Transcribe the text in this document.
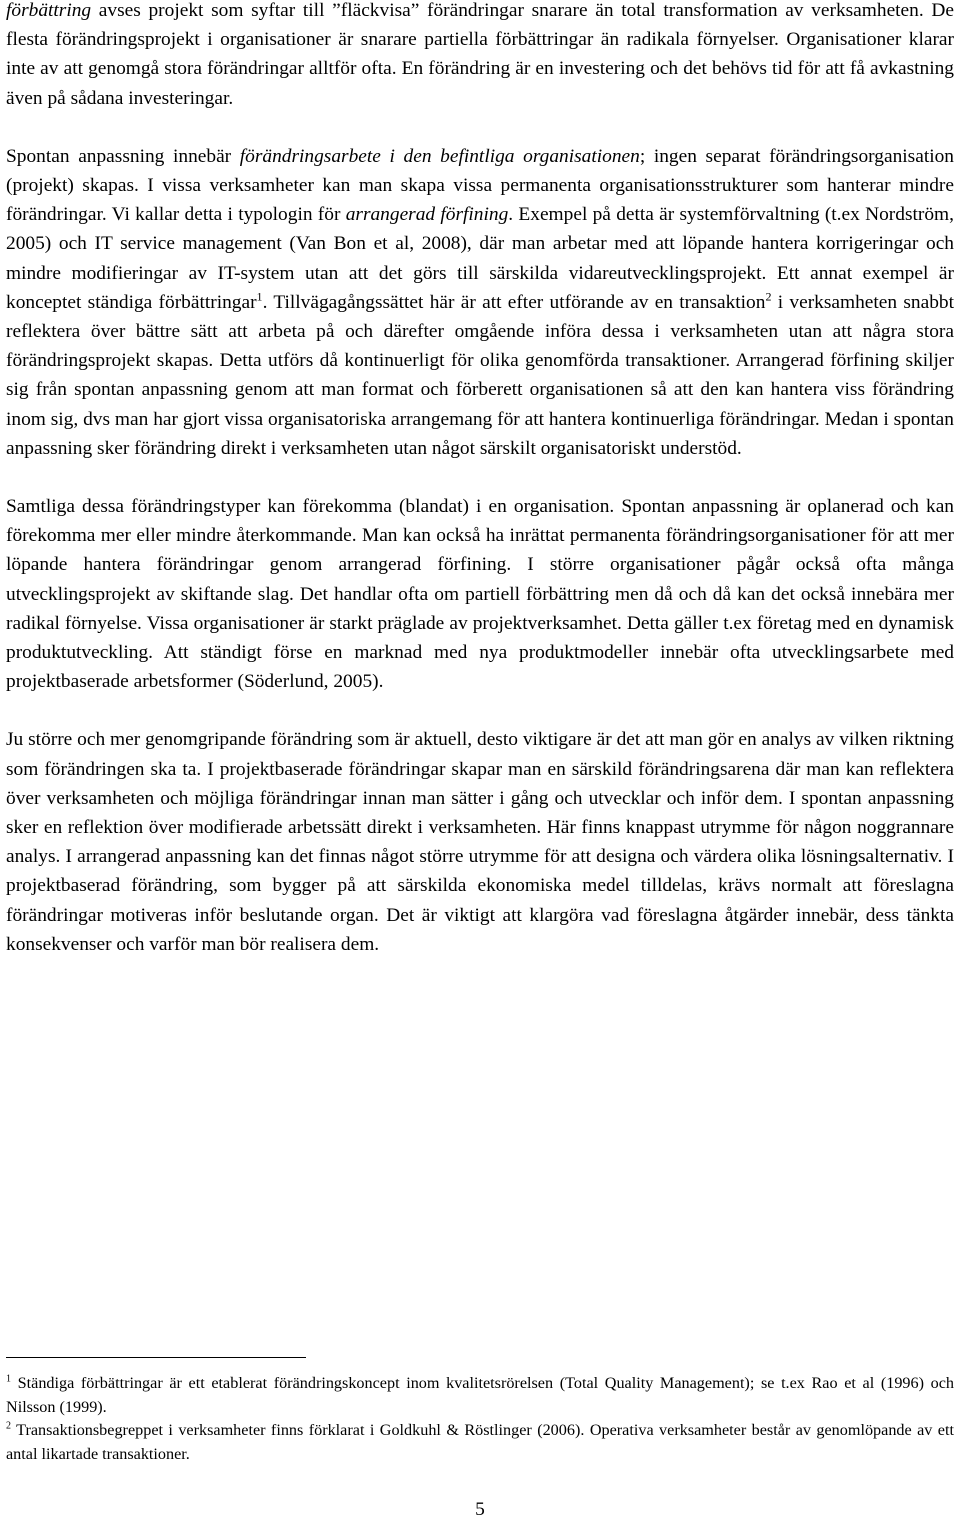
förbättring avses projekt som syftar till ”fläckvisa” förändringar snarare än total transformation av verksamheten. De flesta förändringsprojekt i organisationer är snarare partiella förbättringar än radikala förnyelser. Organisationer klarar inte av att genomgå stora förändringar alltför ofta. En förändring är en investering och det behövs tid för att få avkastning även på sådana investeringar.

Spontan anpassning innebär förändringsarbete i den befintliga organisationen; ingen separat förändringsorganisation (projekt) skapas. I vissa verksamheter kan man skapa vissa permanenta organisationsstrukturer som hanterar mindre förändringar. Vi kallar detta i typologin för arrangerad förfining. Exempel på detta är systemförvaltning (t.ex Nordström, 2005) och IT service management (Van Bon et al, 2008), där man arbetar med att löpande hantera korrigeringar och mindre modifieringar av IT-system utan att det görs till särskilda vidareutvecklingsprojekt. Ett annat exempel är konceptet ständiga förbättringar$^1$. Tillvägagångssättet här är att efter utförande av en transaktion$^2$ i verksamheten snabbt reflektera över bättre sätt att arbeta på och därefter omgående införa dessa i verksamheten utan att några stora förändringsprojekt skapas. Detta utförs då kontinuerligt för olika genomförda transaktioner. Arrangerad förfining skiljer sig från spontan anpassning genom att man format och förberett organisationen så att den kan hantera viss förändring inom sig, dvs man har gjort vissa organisatoriska arrangemang för att hantera kontinuerliga förändringar. Medan i spontan anpassning sker förändring direkt i verksamheten utan något särskilt organisatoriskt understöd.

Samtliga dessa förändringstyper kan förekomma (blandat) i en organisation. Spontan anpassning är oplanerad och kan förekomma mer eller mindre återkommande. Man kan också ha inrättat permanenta förändringsorganisationer för att mer löpande hantera förändringar genom arrangerad förfining. I större organisationer pågår också ofta många utvecklingsprojekt av skiftande slag. Det handlar ofta om partiell förbättring men då och då kan det också innebära mer radikal förnyelse. Vissa organisationer är starkt präglade av projektverksamhet. Detta gäller t.ex företag med en dynamisk produktutveckling. Att ständigt förse en marknad med nya produktmodeller innebär ofta utvecklingsarbete med projektbaserade arbetsformer (Söderlund, 2005).

Ju större och mer genomgripande förändring som är aktuell, desto viktigare är det att man gör en analys av vilken riktning som förändringen ska ta. I projektbaserade förändringar skapar man en särskild förändringsarena där man kan reflektera över verksamheten och möjliga förändringar innan man sätter i gång och utvecklar och inför dem. I spontan anpassning sker en reflektion över modifierade arbetssätt direkt i verksamheten. Här finns knappast utrymme för någon noggrannare analys. I arrangerad anpassning kan det finnas något större utrymme för att designa och värdera olika lösningsalternativ. I projektbaserad förändring, som bygger på att särskilda ekonomiska medel tilldelas, krävs normalt att föreslagna förändringar motiveras inför beslutande organ. Det är viktigt att klargöra vad föreslagna åtgärder innebär, dess tänkta konsekvenser och varför man bör realisera dem.

$^1$ Ständiga förbättringar är ett etablerat förändringskoncept inom kvalitetsrörelsen (Total Quality Management); se t.ex Rao et al (1996) och Nilsson (1999).

$^2$ Transaktionsbegreppet i verksamheter finns förklarat i Goldkuhl & Röstlinger (2006). Operativa verksamheter består av genomlöpande av ett antal likartade transaktioner.

5
